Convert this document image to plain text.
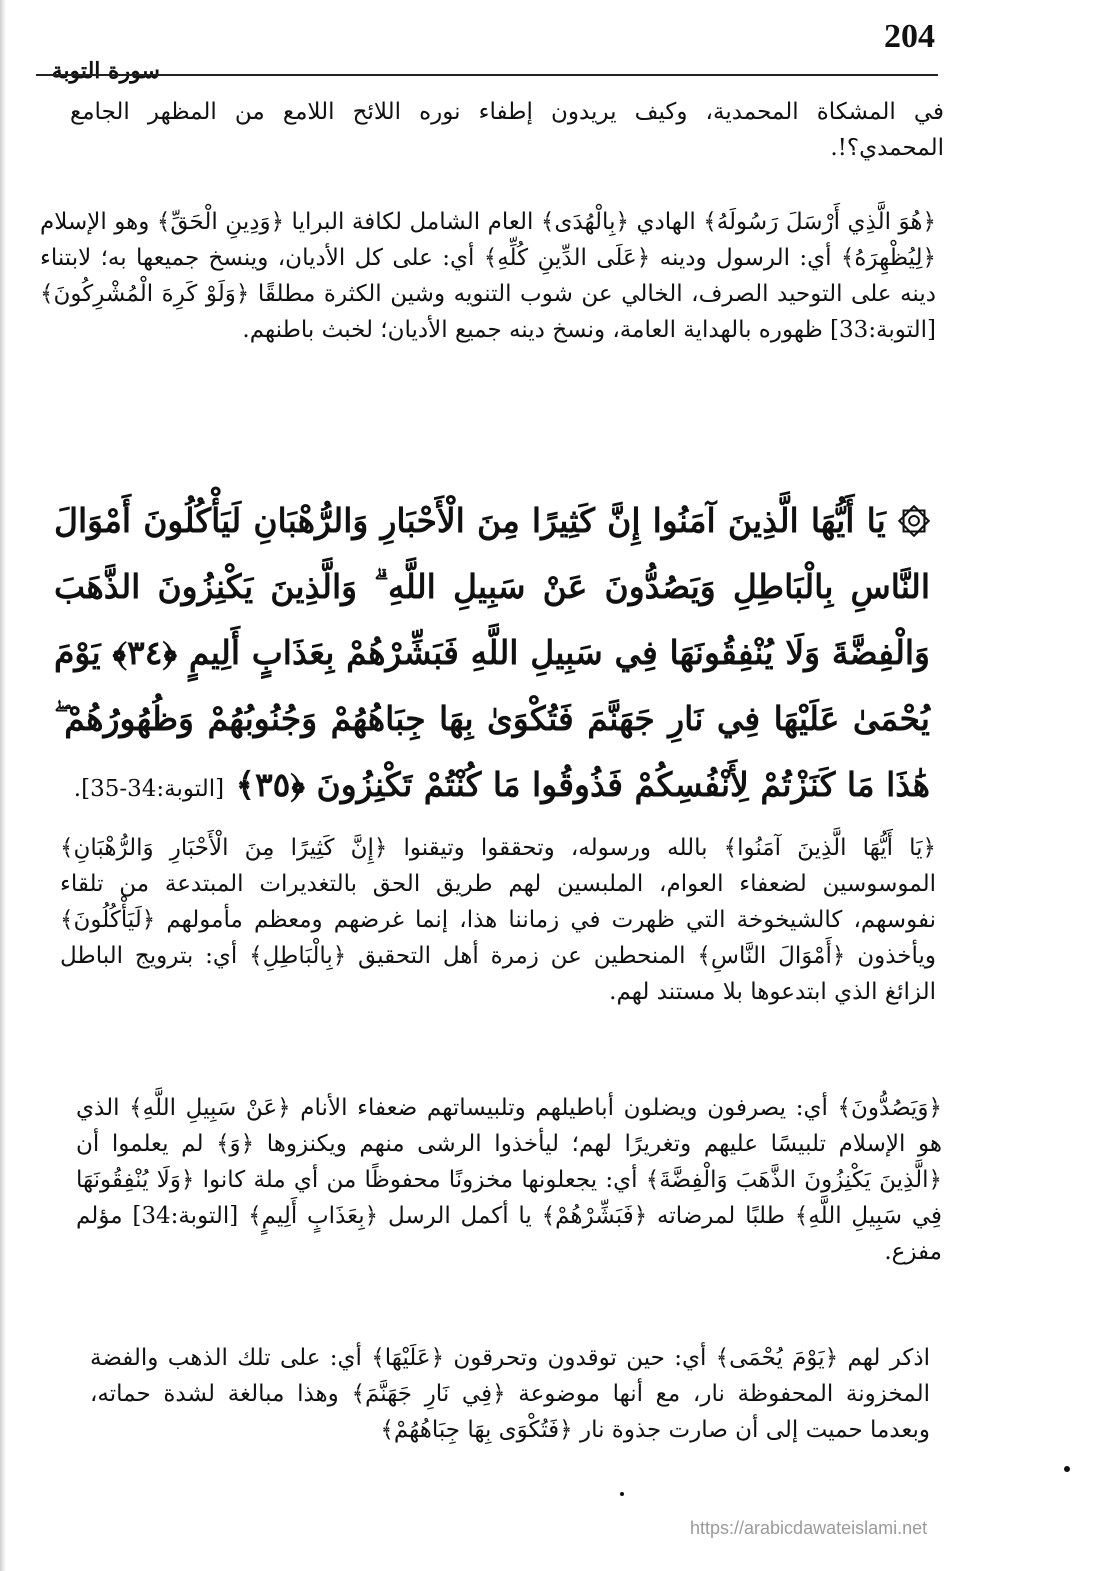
204
سورة التوبة
في المشكاة المحمدية، وكيف يريدون إطفاء نوره اللائح اللامع من المظهر الجامع المحمدي؟!.
﴿هُوَ الَّذِي أَرْسَلَ رَسُولَهُ﴾ الهادي ﴿بِالْهُدَى﴾ العام الشامل لكافة البرايا ﴿وَدِينِ الْحَقِّ﴾ وهو الإسلام ﴿لِيُظْهِرَهُ﴾ أي: الرسول ودينه ﴿عَلَى الدِّينِ كُلِّهِ﴾ أي: على كل الأديان، وينسخ جميعها به؛ لابتناء دينه على التوحيد الصرف، الخالي عن شوب التنويه وشين الكثرة مطلقًا ﴿وَلَوْ كَرِهَ الْمُشْرِكُونَ﴾ [التوبة:33] ظهوره بالهداية العامة، ونسخ دينه جميع الأديان؛ لخبث باطنهم.
۞ يَا أَيُّهَا الَّذِينَ آمَنُوا إِنَّ كَثِيرًا مِنَ الْأَحْبَارِ وَالرُّهْبَانِ لَيَأْكُلُونَ أَمْوَالَ النَّاسِ بِالْبَاطِلِ وَيَصُدُّونَ عَنْ سَبِيلِ اللَّهِ ۗ وَالَّذِينَ يَكْنِزُونَ الذَّهَبَ وَالْفِضَّةَ وَلَا يُنْفِقُونَهَا فِي سَبِيلِ اللَّهِ فَبَشِّرْهُمْ بِعَذَابٍ أَلِيمٍ ﴿٣٤﴾ يَوْمَ يُحْمَىٰ عَلَيْهَا فِي نَارِ جَهَنَّمَ فَتُكْوَىٰ بِهَا جِبَاهُهُمْ وَجُنُوبُهُمْ وَظُهُورُهُمْ ۖ هَٰذَا مَا كَنَزْتُمْ لِأَنْفُسِكُمْ فَذُوقُوا مَا كُنْتُمْ تَكْنِزُونَ ﴿٣٥﴾ [التوبة:34-35].
﴿يَا أَيُّهَا الَّذِينَ آمَنُوا﴾ بالله ورسوله، وتحققوا وتيقنوا ﴿إِنَّ كَثِيرًا مِنَ الْأَحْبَارِ وَالرُّهْبَانِ﴾ الموسوسين لضعفاء العوام، الملبسين لهم طريق الحق بالتغديرات المبتدعة من تلقاء نفوسهم، كالشيخوخة التي ظهرت في زماننا هذا، إنما غرضهم ومعظم مأمولهم ﴿لَيَأْكُلُونَ﴾ ويأخذون ﴿أَمْوَالَ النَّاسِ﴾ المنحطين عن زمرة أهل التحقيق ﴿بِالْبَاطِلِ﴾ أي: بترويج الباطل الزائغ الذي ابتدعوها بلا مستند لهم.
﴿وَيَصُدُّونَ﴾ أي: يصرفون ويضلون أباطيلهم وتلبيساتهم ضعفاء الأنام ﴿عَنْ سَبِيلِ اللَّهِ﴾ الذي هو الإسلام تلبيسًا عليهم وتغريرًا لهم؛ ليأخذوا الرشى منهم ويكنزوها ﴿وَ﴾ لم يعلموا أن ﴿الَّذِينَ يَكْنِزُونَ الذَّهَبَ وَالْفِضَّةَ﴾ أي: يجعلونها مخزونًا محفوظًا من أي ملة كانوا ﴿وَلَا يُنْفِقُونَهَا فِي سَبِيلِ اللَّهِ﴾ طلبًا لمرضاته ﴿فَبَشِّرْهُمْ﴾ يا أكمل الرسل ﴿بِعَذَابٍ أَلِيمٍ﴾ [التوبة:34] مؤلم مفزع.
اذكر لهم ﴿يَوْمَ يُحْمَى﴾ أي: حين توقدون وتحرقون ﴿عَلَيْهَا﴾ أي: على تلك الذهب والفضة المخزونة المحفوظة نار، مع أنها موضوعة ﴿فِي نَارِ جَهَنَّمَ﴾ وهذا مبالغة لشدة حماته، وبعدما حميت إلى أن صارت جذوة نار ﴿فَتُكْوَى بِهَا جِبَاهُهُمْ﴾
https://arabicdawateislami.net
